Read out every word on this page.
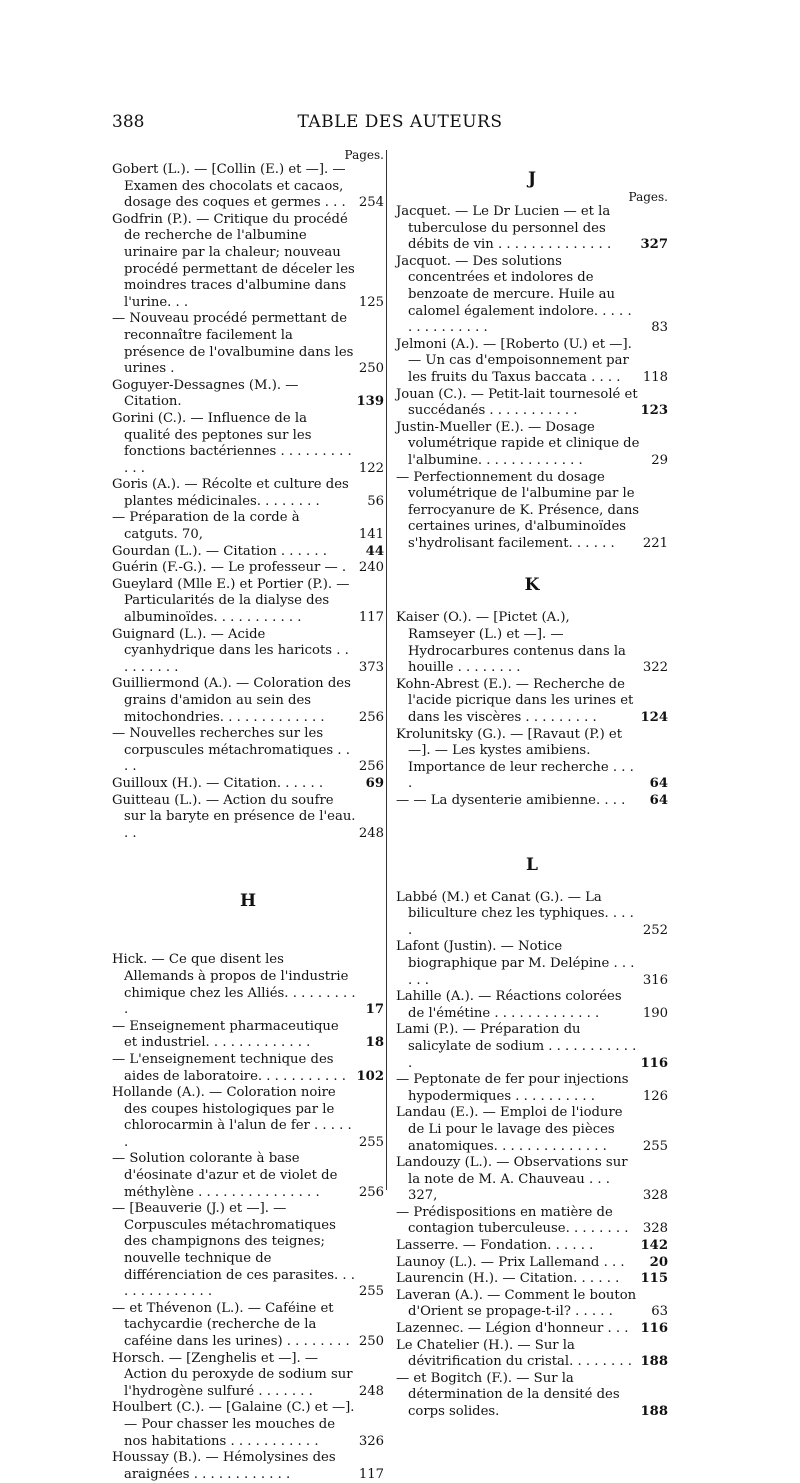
388	TABLE DES AUTEURS
Pages.

Gobert (L.). — [Collin (E.) et —]. — Examen des chocolats et cacaos, dosage des coques et germes . . . 254

Godfrin (P.). — Critique du procédé de recherche de l'albumine urinaire par la chaleur; nouveau procédé permettant de déceler les moindres traces d'albumine dans l'urine. . .	125

— Nouveau procédé permettant de reconnaître facilement la présence de l'ovalbumine dans les urines .	250

Goguyer-Dessagnes (M.). — Citation.	139

Gorini (C.). — Influence de la qualité des peptones sur les fonctions bactériennes . . . . . . . . . . . .	122

Goris (A.). — Récolte et culture des plantes médicinales. . . . . . . .	56

— Préparation de la corde à catguts. 70,	141

Gourdan (L.). — Citation . . . . . .	44

Guérin (F.-G.). — Le professeur — . 240

Gueylard (Mlle E.) et Portier (P.). — Particularités de la dialyse des albuminoïdes. . . . . . . . . . .	117

Guignard (L.). — Acide cyanhydrique dans les haricots . . . . . . . . .	373

Guilliermond (A.). — Coloration des grains d'amidon au sein des mitochondries. . . . . . . . . . . . .	256

— Nouvelles recherches sur les corpuscules métachromatiques . . . .	256

Guilloux (H.). — Citation. . . . . .	69

Guitteau (L.). — Action du soufre sur la baryte en présence de l'eau. . .	248

H

Hick. — Ce que disent les Allemands à propos de l'industrie chimique chez les Alliés. . . . . . . . . .	17

— Enseignement pharmaceutique et industriel. . . . . . . . . . . . .	18

— L'enseignement technique des aides de laboratoire. . . . . . . . . . . 102

Hollande (A.). — Coloration noire des coupes histologiques par le chlorocarmin à l'alun de fer . . . . . .	255

— Solution colorante à base d'éosinate d'azur et de violet de méthylène . . . . . . . . . . . . . . .	256

— [Beauverie (J.) et —]. — Corpuscules métachromatiques des champignons des teignes; nouvelle technique de différenciation de ces parasites. . . . . . . . . . . . . .	255

— et Thévenon (L.). — Caféine et tachycardie (recherche de la caféine dans les urines) . . . . . . . . 250

Horsch. — [Zenghelis et —]. — Action du peroxyde de sodium sur l'hydrogène sulfuré . . . . . . .	248

Houlbert (C.). — [Galaine (C.) et —]. — Pour chasser les mouches de nos habitations . . . . . . . . . . .	326

Houssay (B.). — Hémolysines des araignées . . . . . . . . . . . .	117

J

Pages.

Jacquet. — Le Dr Lucien — et la tuberculose du personnel des débits de vin . . . . . . . . . . . . . . 327

Jacquot. — Des solutions concentrées et indolores de benzoate de mercure. Huile au calomel également indolore. . . . . . . . . . . . . . .	83

Jelmoni (A.). — [Roberto (U.) et —]. — Un cas d'empoisonnement par les fruits du Taxus baccata . . . . 118

Jouan (C.). — Petit-lait tournesolé et succédanés . . . . . . . . . . .	123

Justin-Mueller (E.). — Dosage volumétrique rapide et clinique de l'albumine. . . . . . . . . . . . .	29

— Perfectionnement du dosage volumétrique de l'albumine par le ferrocyanure de K. Présence, dans certaines urines, d'albuminoïdes s'hydrolisant facilement. . . . . . 221

K

Kaiser (O.). — [Pictet (A.), Ramseyer (L.) et —]. — Hydrocarbures contenus dans la houille . . . . . . . .	322

Kohn-Abrest (E.). — Recherche de l'acide picrique dans les urines et dans les viscères . . . . . . . . .	124

Krolunitsky (G.). — [Ravaut (P.) et —]. — Les kystes amibiens. Importance de leur recherche . . . .	64

— — La dysenterie amibienne. . . . 64

L

Labbé (M.) et Canat (G.). — La biliculture chez les typhiques. . . . .	252

Lafont (Justin). — Notice biographique par M. Delépine . . . . . .	316

Lahille (A.). — Réactions colorées de l'émétine . . . . . . . . . . . . .	190

Lami (P.). — Préparation du salicylate de sodium . . . . . . . . . . . .	116

— Peptonate de fer pour injections hypodermiques . . . . . . . . . .	126

Landau (E.). — Emploi de l'iodure de Li pour le lavage des pièces anatomiques. . . . . . . . . . . . . .	255

Landouzy (L.). — Observations sur la note de M. A. Chauveau . . . 327,	328

— Prédispositions en matière de contagion tuberculeuse. . . . . . . . 328

Lasserre. — Fondation. . . . . .	142

Launoy (L.). — Prix Lallemand . . . 20

Laurencin (H.). — Citation. . . . . . 115

Laveran (A.). — Comment le bouton d'Orient se propage-t-il? . . . . .	63

Lazennec. — Légion d'honneur . . . 116

Le Chatelier (H.). — Sur la dévitrification du cristal. . . . . . . . 188

— et Bogitch (F.). — Sur la détermination de la densité des corps solides.	188
